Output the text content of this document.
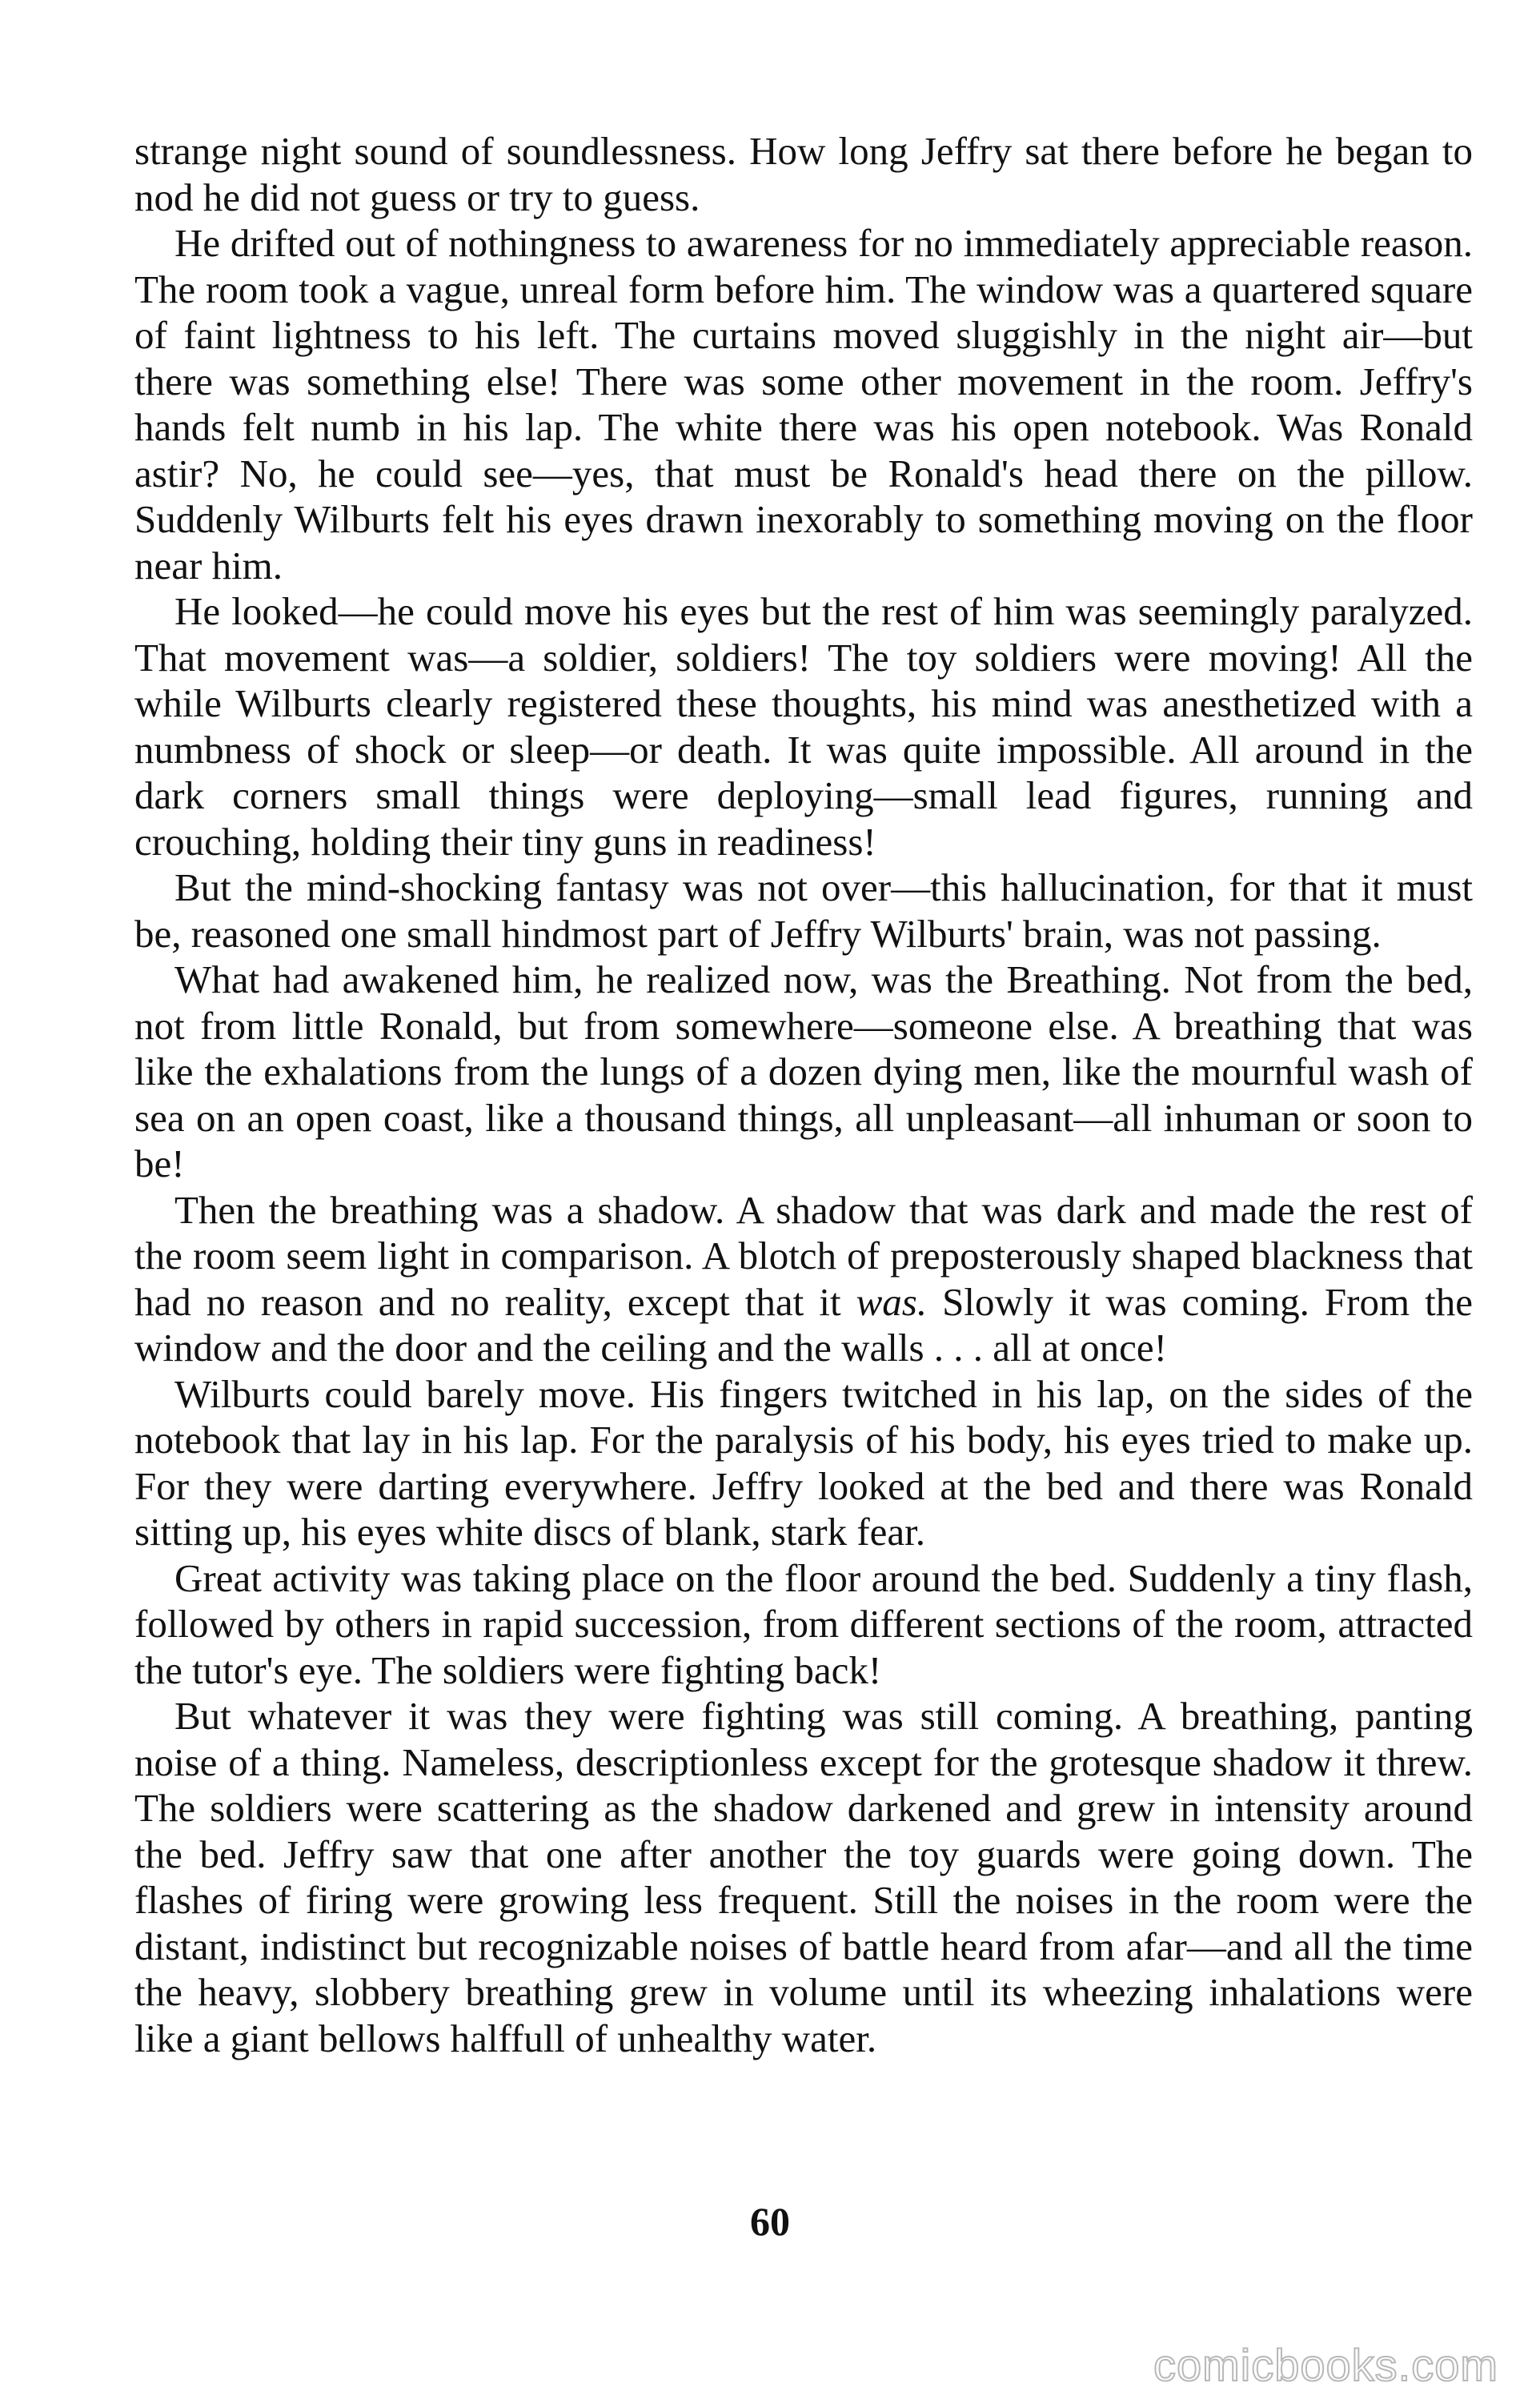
strange night sound of soundlessness. How long Jeffry sat there before he began to nod he did not guess or try to guess.

He drifted out of nothingness to awareness for no immediately appreciable reason. The room took a vague, unreal form before him. The window was a quartered square of faint lightness to his left. The curtains moved sluggishly in the night air—but there was something else! There was some other movement in the room. Jeffry's hands felt numb in his lap. The white there was his open notebook. Was Ronald astir? No, he could see—yes, that must be Ronald's head there on the pillow. Suddenly Wilburts felt his eyes drawn inexorably to something moving on the floor near him.

He looked—he could move his eyes but the rest of him was seemingly paralyzed. That movement was—a soldier, soldiers! The toy soldiers were moving! All the while Wilburts clearly registered these thoughts, his mind was anesthetized with a numbness of shock or sleep—or death. It was quite impossible. All around in the dark corners small things were deploying—small lead figures, running and crouching, holding their tiny guns in readiness!

But the mind-shocking fantasy was not over—this hallucination, for that it must be, reasoned one small hindmost part of Jeffry Wilburts' brain, was not passing.

What had awakened him, he realized now, was the Breathing. Not from the bed, not from little Ronald, but from somewhere—someone else. A breathing that was like the exhalations from the lungs of a dozen dying men, like the mournful wash of sea on an open coast, like a thousand things, all unpleasant—all inhuman or soon to be!

Then the breathing was a shadow. A shadow that was dark and made the rest of the room seem light in comparison. A blotch of preposterously shaped blackness that had no reason and no reality, except that it was. Slowly it was coming. From the window and the door and the ceiling and the walls . . . all at once!

Wilburts could barely move. His fingers twitched in his lap, on the sides of the notebook that lay in his lap. For the paralysis of his body, his eyes tried to make up. For they were darting everywhere. Jeffry looked at the bed and there was Ronald sitting up, his eyes white discs of blank, stark fear.

Great activity was taking place on the floor around the bed. Suddenly a tiny flash, followed by others in rapid succession, from different sections of the room, attracted the tutor's eye. The soldiers were fighting back!

But whatever it was they were fighting was still coming. A breathing, panting noise of a thing. Nameless, descriptionless except for the grotesque shadow it threw. The soldiers were scattering as the shadow darkened and grew in intensity around the bed. Jeffry saw that one after another the toy guards were going down. The flashes of firing were growing less frequent. Still the noises in the room were the distant, indistinct but recognizable noises of battle heard from afar—and all the time the heavy, slobbery breathing grew in volume until its wheezing inhalations were like a giant bellows halffull of unhealthy water.

60
comicbooks.com
